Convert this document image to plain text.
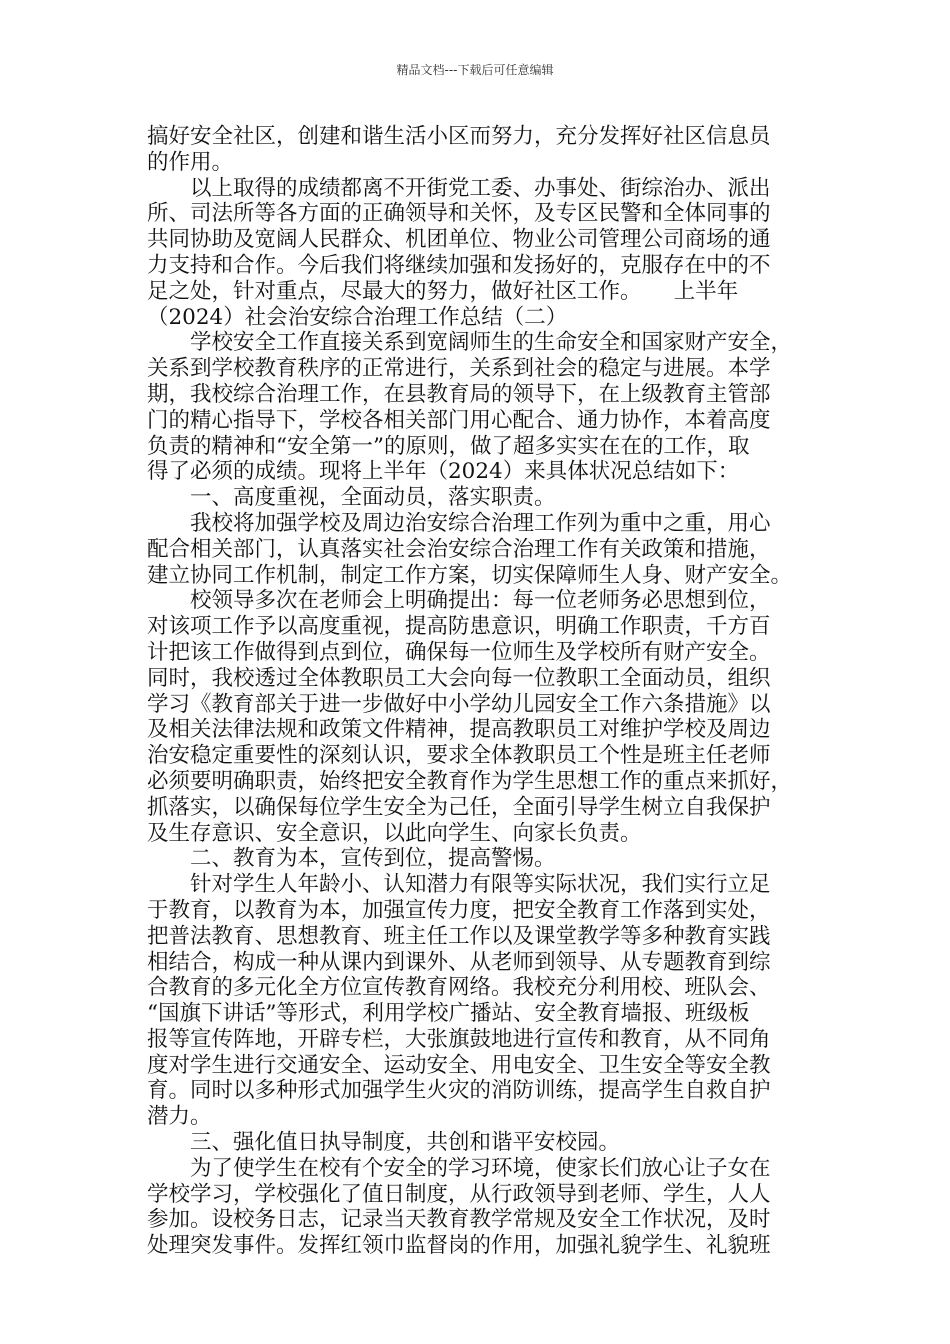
精品文档---下载后可任意编辑
搞好安全社区，创建和谐生活小区而努力，充分发挥好社区信息员
的作用。
以上取得的成绩都离不开街党工委、办事处、街综治办、派出
所、司法所等各方面的正确领导和关怀，及专区民警和全体同事的
共同协助及宽阔人民群众、机团单位、物业公司管理公司商场的通
力支持和合作。今后我们将继续加强和发扬好的，克服存在中的不
足之处，针对重点，尽最大的努力，做好社区工作。　　上半年
（2024）社会治安综合治理工作总结（二）
学校安全工作直接关系到宽阔师生的生命安全和国家财产安全，
关系到学校教育秩序的正常进行，关系到社会的稳定与进展。本学
期，我校综合治理工作，在县教育局的领导下，在上级教育主管部
门的精心指导下，学校各相关部门用心配合、通力协作，本着高度
负责的精神和“安全第一”的原则，做了超多实实在在的工作，取
得了必须的成绩。现将上半年（2024）来具体状况总结如下：
一、高度重视，全面动员，落实职责。
我校将加强学校及周边治安综合治理工作列为重中之重，用心
配合相关部门，认真落实社会治安综合治理工作有关政策和措施，
建立协同工作机制，制定工作方案，切实保障师生人身、财产安全。
校领导多次在老师会上明确提出：每一位老师务必思想到位，
对该项工作予以高度重视，提高防患意识，明确工作职责，千方百
计把该工作做得到点到位，确保每一位师生及学校所有财产安全。
同时，我校透过全体教职员工大会向每一位教职工全面动员，组织
学习《教育部关于进一步做好中小学幼儿园安全工作六条措施》以
及相关法律法规和政策文件精神，提高教职员工对维护学校及周边
治安稳定重要性的深刻认识，要求全体教职员工个性是班主任老师
必须要明确职责，始终把安全教育作为学生思想工作的重点来抓好，
抓落实，以确保每位学生安全为己任，全面引导学生树立自我保护
及生存意识、安全意识，以此向学生、向家长负责。
二、教育为本，宣传到位，提高警惕。
针对学生人年龄小、认知潜力有限等实际状况，我们实行立足
于教育，以教育为本，加强宣传力度，把安全教育工作落到实处，
把普法教育、思想教育、班主任工作以及课堂教学等多种教育实践
相结合，构成一种从课内到课外、从老师到领导、从专题教育到综
合教育的多元化全方位宣传教育网络。我校充分利用校、班队会、
“国旗下讲话”等形式，利用学校广播站、安全教育墙报、班级板
报等宣传阵地，开辟专栏，大张旗鼓地进行宣传和教育，从不同角
度对学生进行交通安全、运动安全、用电安全、卫生安全等安全教
育。同时以多种形式加强学生火灾的消防训练，提高学生自救自护
潜力。
三、强化值日执导制度，共创和谐平安校园。
为了使学生在校有个安全的学习环境，使家长们放心让子女在
学校学习，学校强化了值日制度，从行政领导到老师、学生，人人
参加。设校务日志，记录当天教育教学常规及安全工作状况，及时
处理突发事件。发挥红领巾监督岗的作用，加强礼貌学生、礼貌班
